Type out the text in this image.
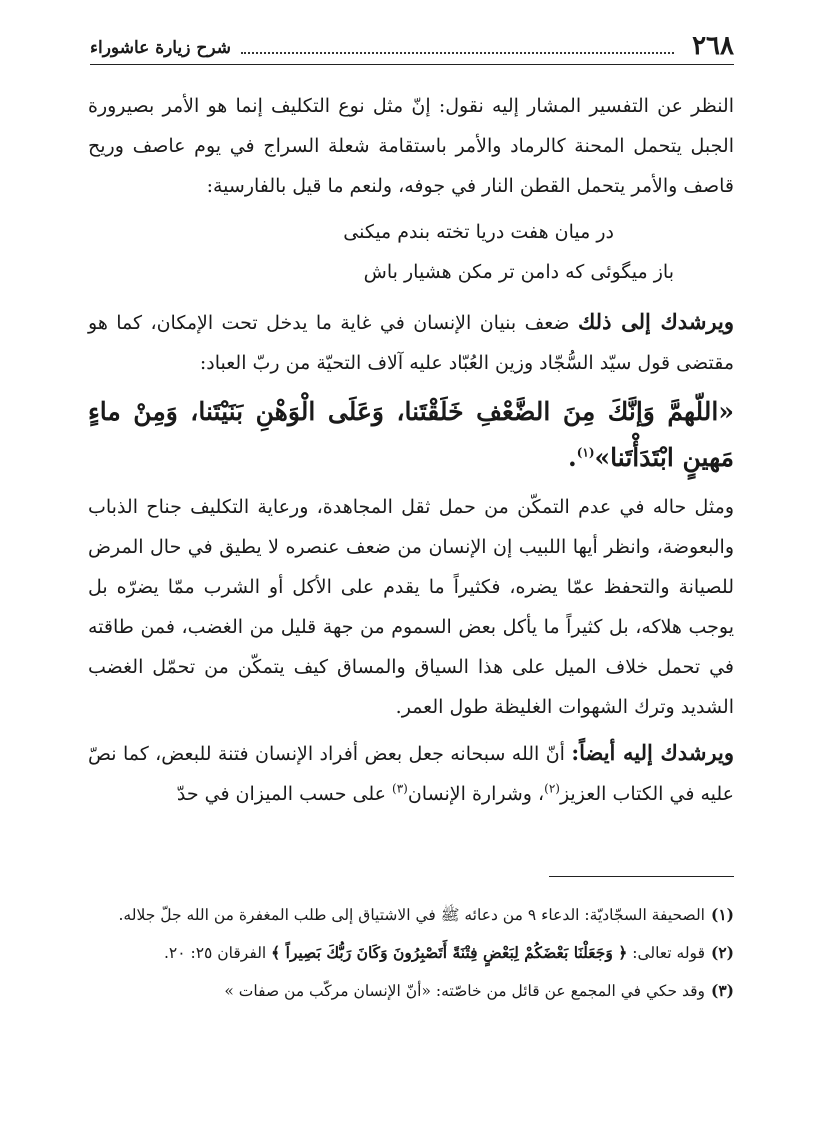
٢٦٨
شرح زيارة عاشوراء

النظر عن التفسير المشار إليه نقول: إنّ مثل نوع التكليف إنما هو الأمر بصيرورة الجبل يتحمل المحنة كالرماد والأمر باستقامة شعلة السراج في يوم عاصف وريح قاصف والأمر يتحمل القطن النار في جوفه، ولنعم ما قيل بالفارسية:

در ميان هفت دريا تخته بندم ميكنى
باز ميگوئى كه دامن تر مكن هشيار باش

ويرشدك إلى ذلك ضعف بنيان الإنسان في غاية ما يدخل تحت الإمكان، كما هو مقتضى قول سيّد السُّجّاد وزين العُبّاد عليه آلاف التحيّة من ربّ العباد:

«اللّهمَّ وَإنَّكَ مِنَ الضَّعْفِ خَلَقْتَنا، وَعَلَى الْوَهْنِ بَنَيْتَنا، وَمِنْ ماءٍ مَهينٍ ابْتَدَأْتَنا»$^{(١)}$.

ومثل حاله في عدم التمكّن من حمل ثقل المجاهدة، ورعاية التكليف جناح الذباب والبعوضة، وانظر أيها اللبيب إن الإنسان من ضعف عنصره لا يطيق في حال المرض للصيانة والتحفظ عمّا يضره، فكثيراً ما يقدم على الأكل أو الشرب ممّا يضرّه بل يوجب هلاكه، بل كثيراً ما يأكل بعض السموم من جهة قليل من الغضب، فمن طاقته في تحمل خلاف الميل على هذا السياق والمساق كيف يتمكّن من تحمّل الغضب الشديد وترك الشهوات الغليظة طول العمر.

ويرشدك إليه أيضاً: أنّ الله سبحانه جعل بعض أفراد الإنسان فتنة للبعض، كما نصّ عليه في الكتاب العزيز$^{(٢)}$، وشرارة الإنسان$^{(٣)}$ على حسب الميزان في حدّ

(١)الصحيفة السجّاديّة: الدعاء ٩ من دعائه ﷺ في الاشتياق إلى طلب المغفرة من الله جلّ جلاله.

(٢)قوله تعالى: ﴿ وَجَعَلْنَا بَعْضَكُمْ لِبَعْضٍ فِتْنَةً أَتَصْبِرُونَ وَكَانَ رَبُّكَ بَصِيراً ﴾ الفرقان ٢٥: ٢٠.

(٣)وقد حكي في المجمع عن قائل من خاصّته: «أنّ الإنسان مركّب من صفات »
